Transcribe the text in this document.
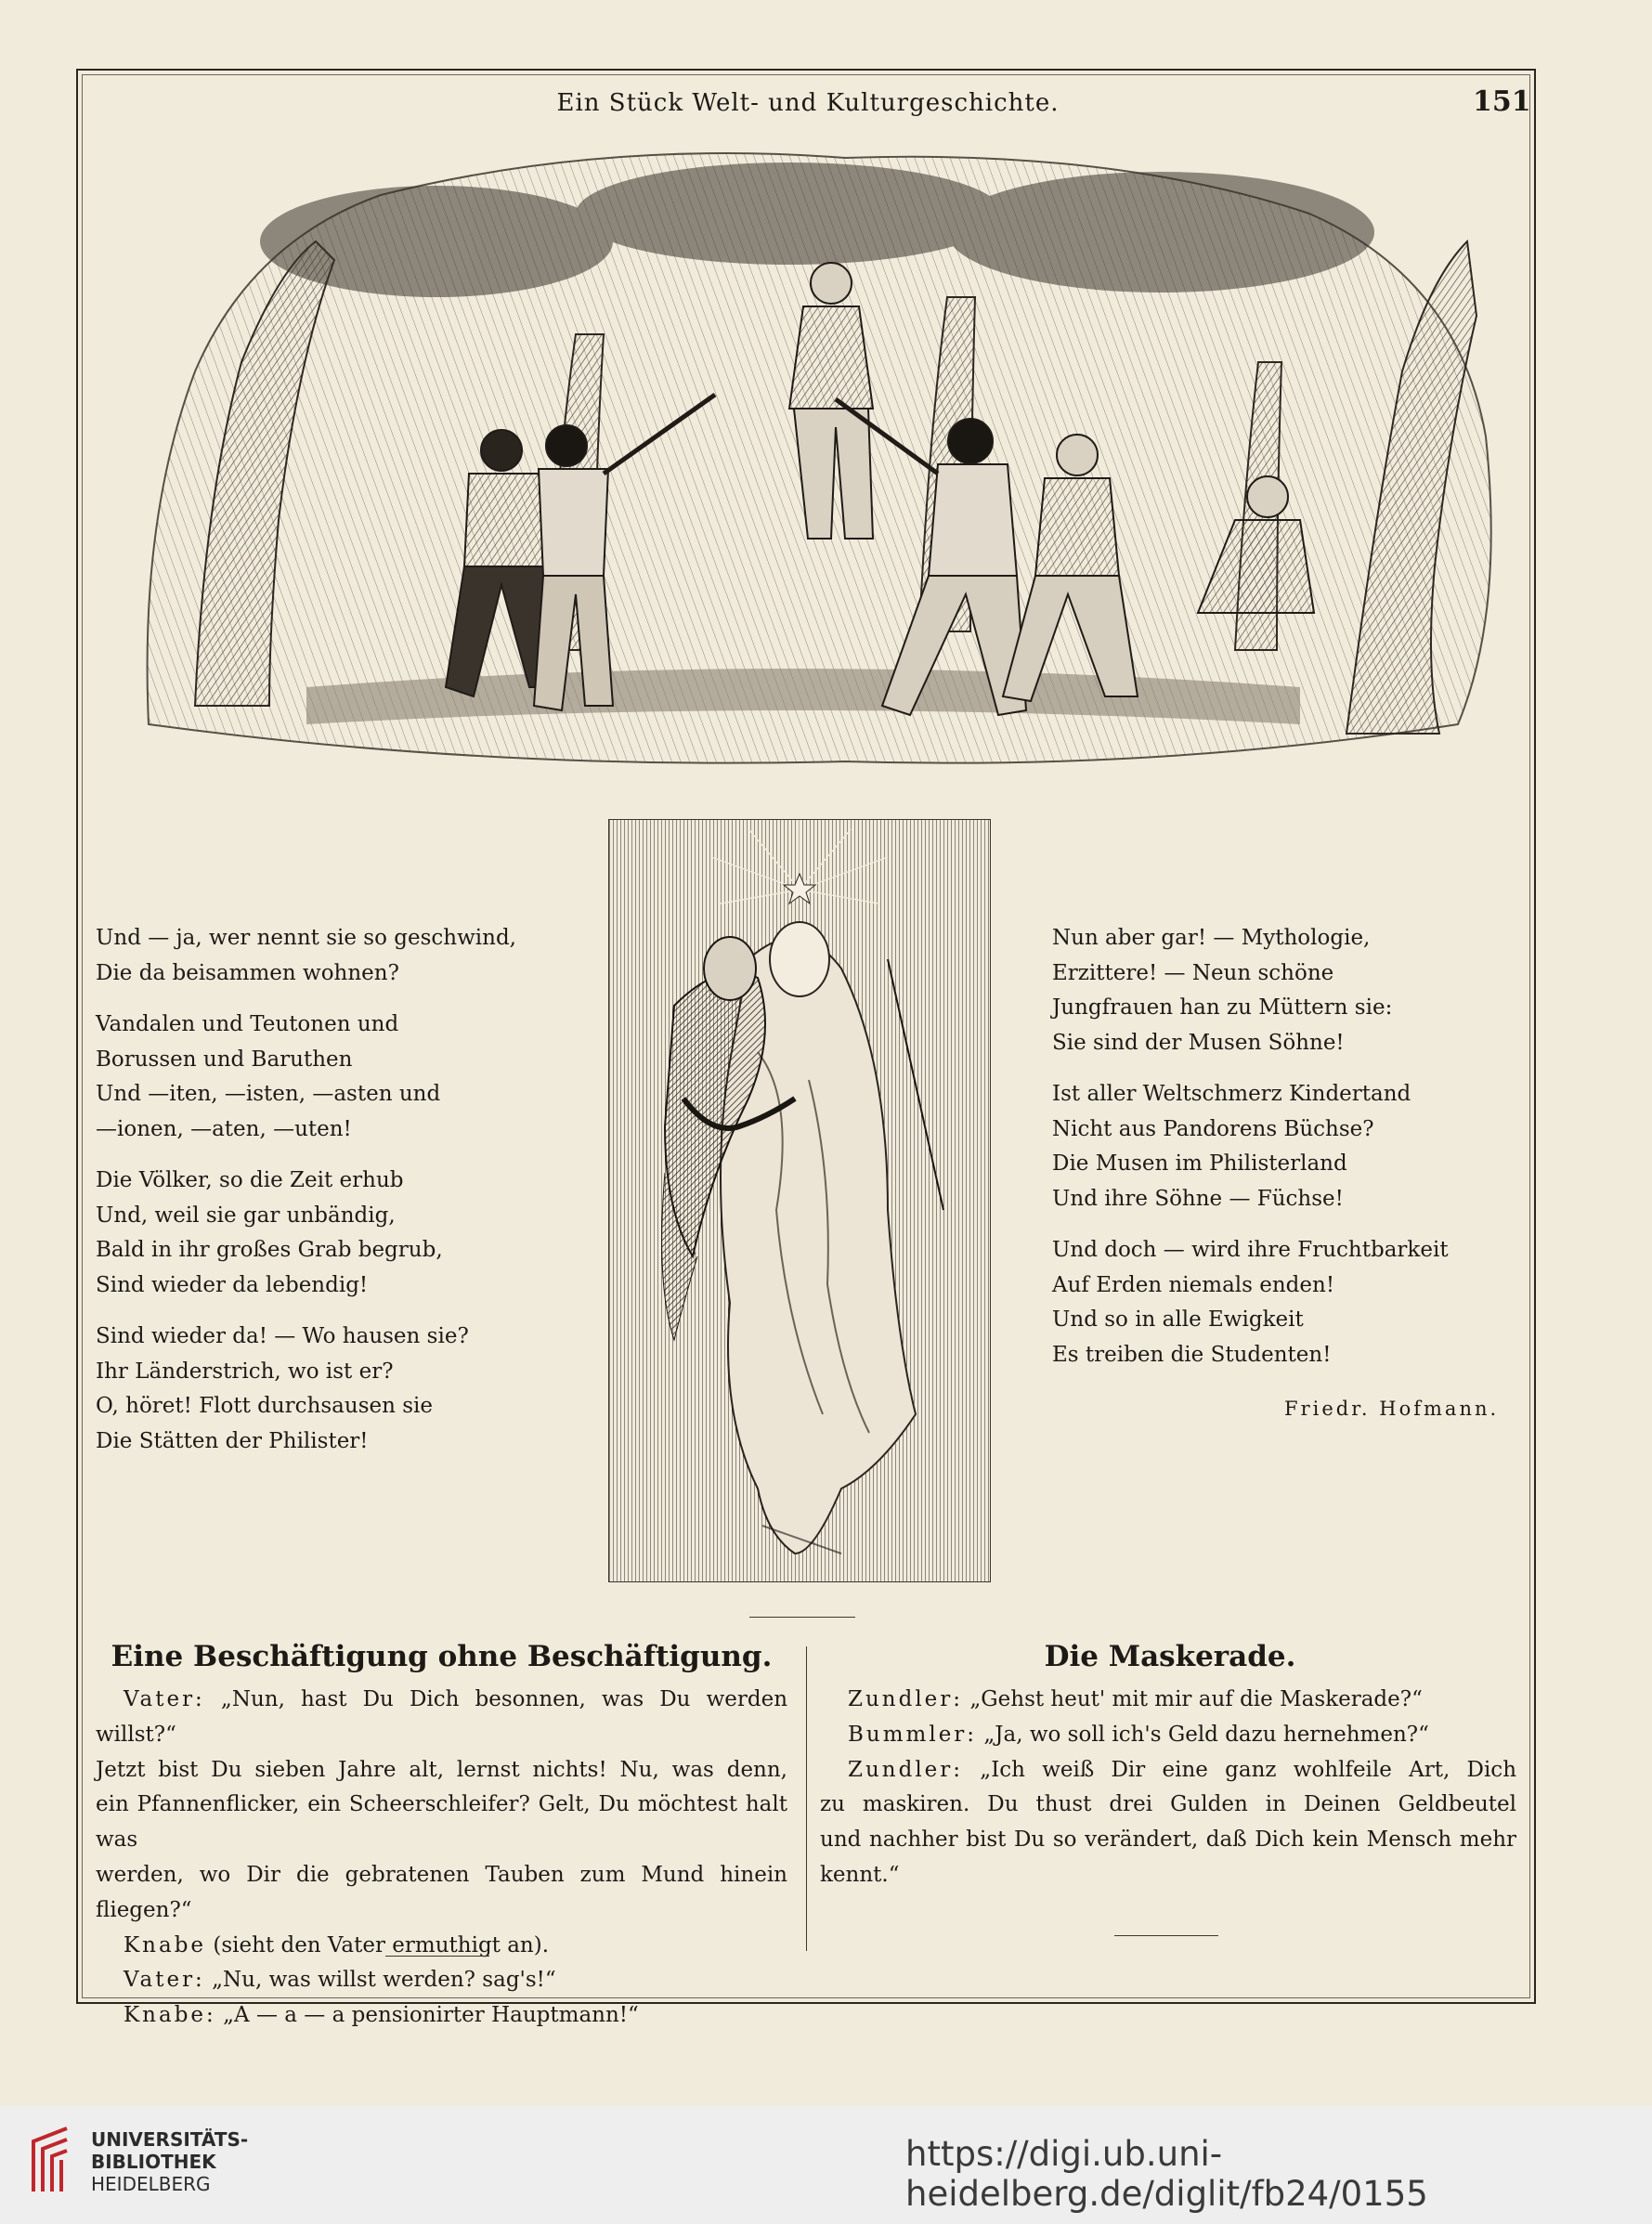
Ein Stück Welt- und Kulturgeschichte.	151
Und — ja, wer nennt sie so geschwind,
Die da beisammen wohnen?
Vandalen und Teutonen und
Borussen und Baruthen
Und —iten, —isten, —asten und
—ionen, —aten, —uten!
Die Völker, so die Zeit erhub
Und, weil sie gar unbändig,
Bald in ihr großes Grab begrub,
Sind wieder da lebendig!
Sind wieder da! — Wo hausen sie?
Ihr Länderstrich, wo ist er?
O, höret! Flott durchsausen sie
Die Stätten der Philister!
Nun aber gar! — Mythologie,
Erzittere! — Neun schöne
Jungfrauen han zu Müttern sie:
Sie sind der Musen Söhne!
Ist aller Weltschmerz Kindertand
Nicht aus Pandorens Büchse?
Die Musen im Philisterland
Und ihre Söhne — Füchse!
Und doch — wird ihre Fruchtbarkeit
Auf Erden niemals enden!
Und so in alle Ewigkeit
Es treiben die Studenten!
Friedr. Hofmann.
Eine Beschäftigung ohne Beschäftigung.

Vater: „Nun, hast Du Dich besonnen, was Du werden willst?“

Jetzt bist Du sieben Jahre alt, lernst nichts! Nu, was denn,

ein Pfannenflicker, ein Scheerschleifer? Gelt, Du möchtest halt was

werden, wo Dir die gebratenen Tauben zum Mund hinein fliegen?“

Knabe (sieht den Vater ermuthigt an).

Vater: „Nu, was willst werden? sag's!“

Knabe: „A — a — a pensionirter Hauptmann!“

Die Maskerade.

Zundler: „Gehst heut' mit mir auf die Maskerade?“

Bummler: „Ja, wo soll ich's Geld dazu hernehmen?“

Zundler: „Ich weiß Dir eine ganz wohlfeile Art, Dich

zu maskiren. Du thust drei Gulden in Deinen Geldbeutel

und nachher bist Du so verändert, daß Dich kein Mensch mehr

kennt.“

UNIVERSITÄTS-
BIBLIOTHEK
HEIDELBERG
https://digi.ub.uni-heidelberg.de/diglit/fb24/0155
